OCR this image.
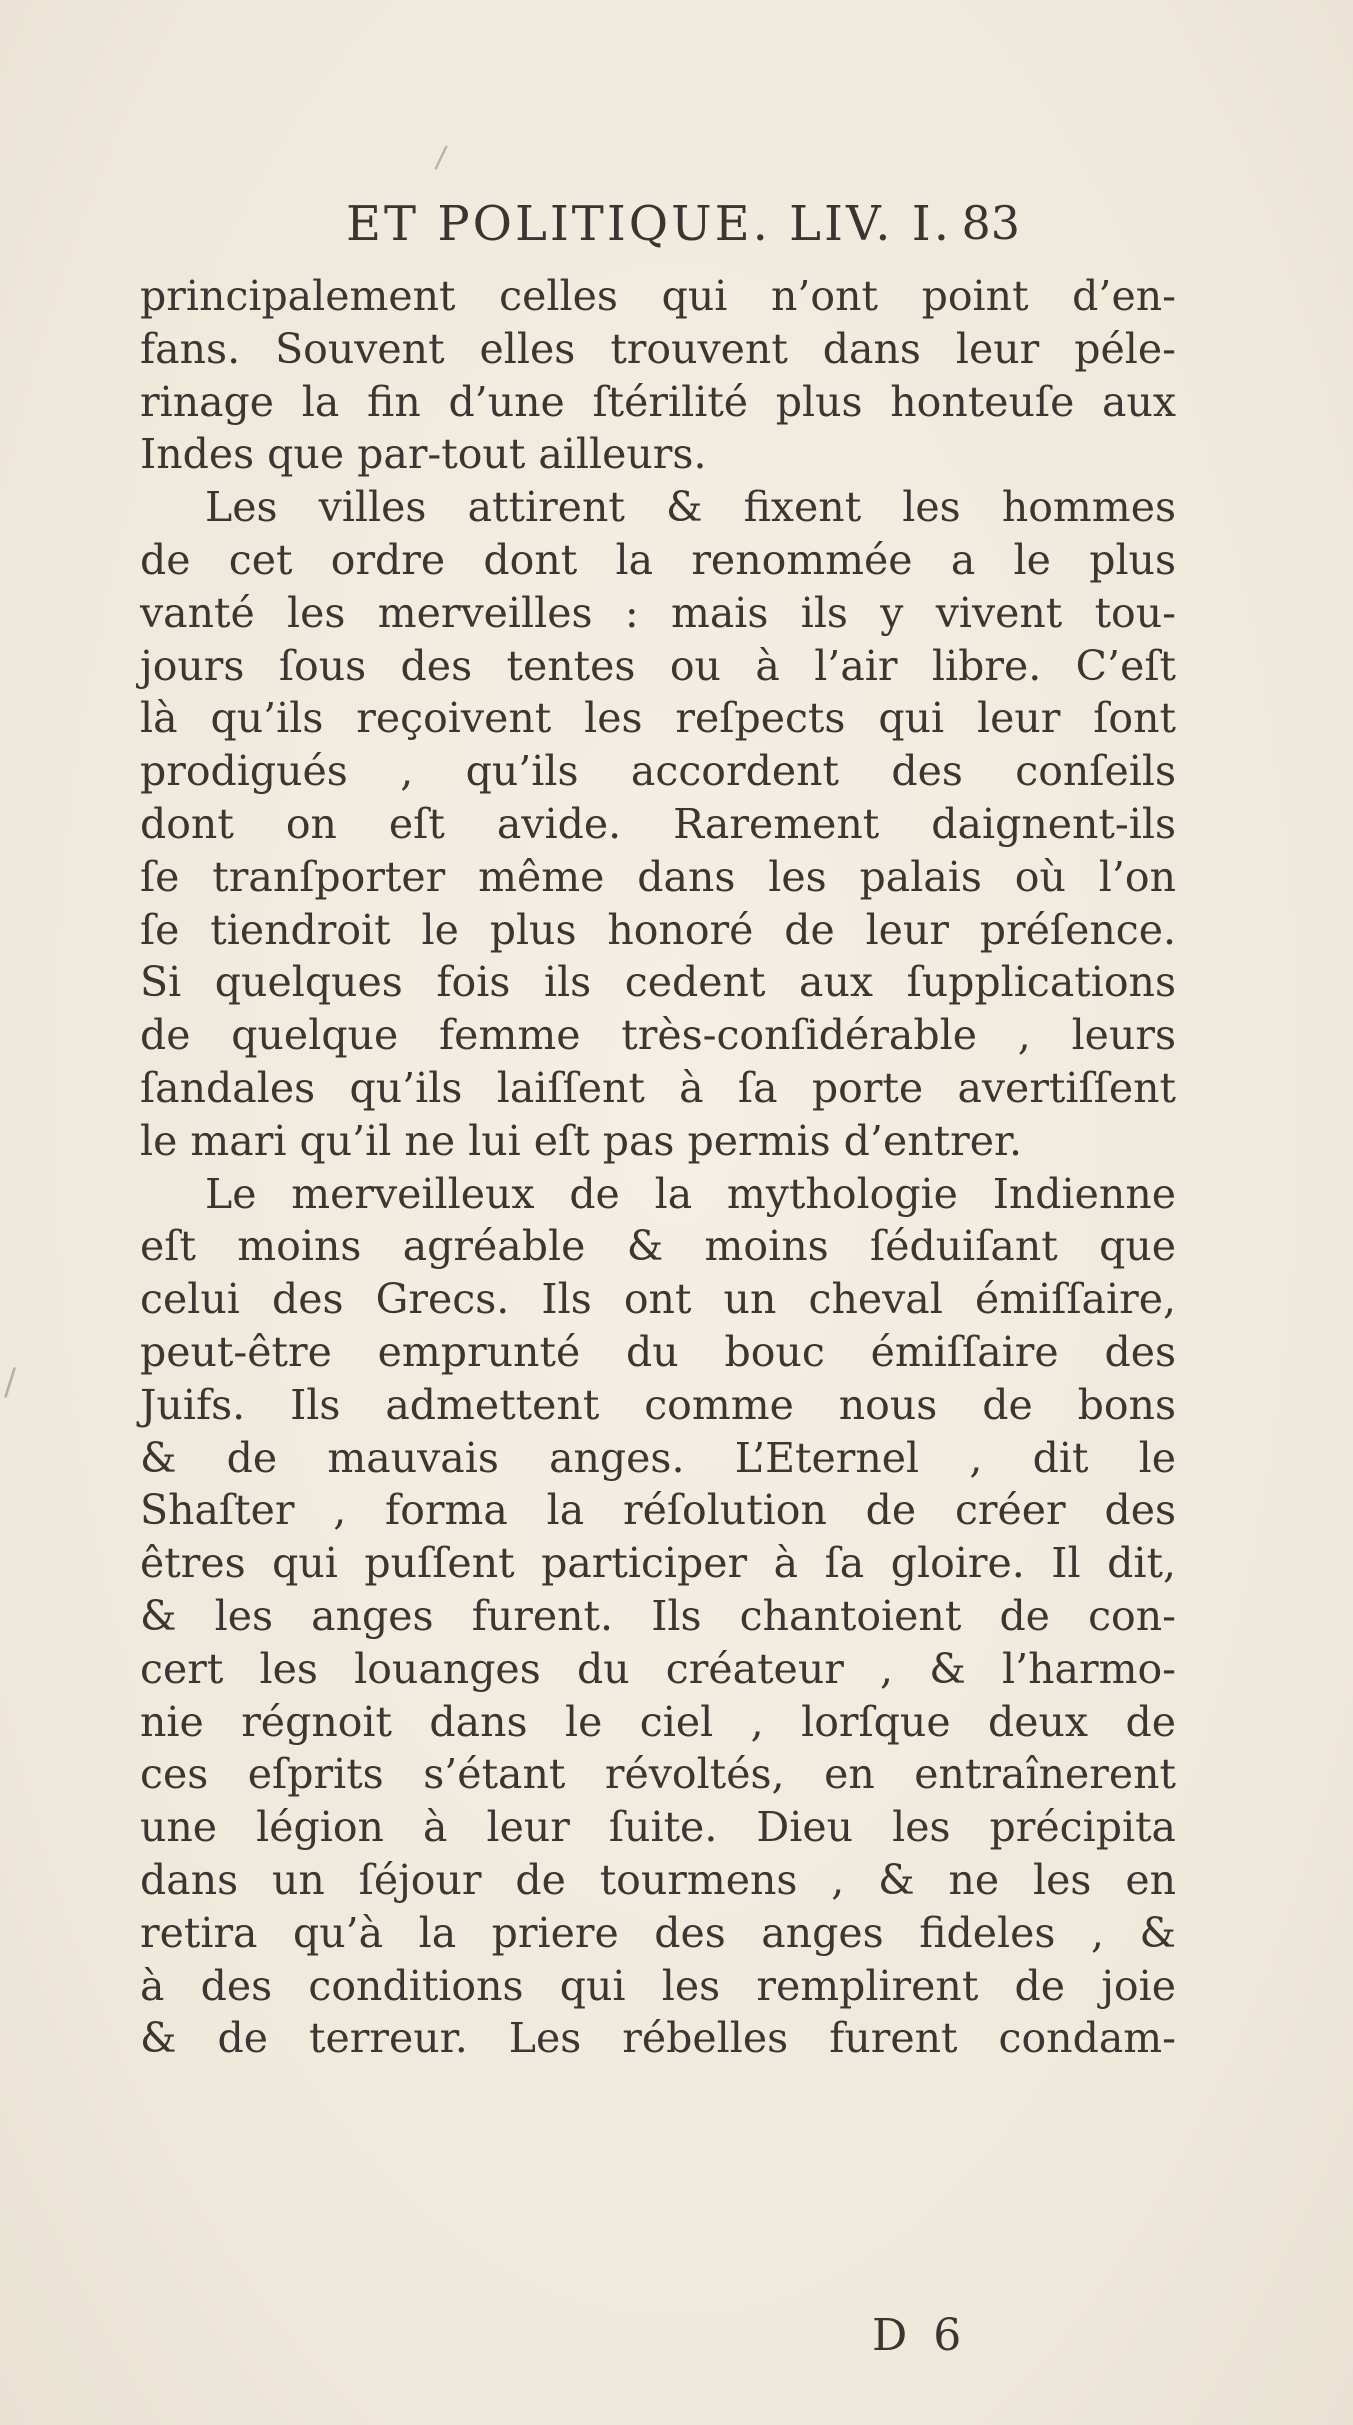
/
/
ET POLITIQUE. LIV. I. 83
principalement celles qui n’ont point d’en-
fans. Souvent elles trouvent dans leur péle-
rinage la fin d’une ſtérilité plus honteuſe aux
Indes que par-tout ailleurs.
Les villes attirent & fixent les hommes
de cet ordre dont la renommée a le plus
vanté les merveilles : mais ils y vivent tou-
jours ſous des tentes ou à l’air libre. C’eſt
là qu’ils reçoivent les reſpects qui leur ſont
prodigués , qu’ils accordent des conſeils
dont on eſt avide. Rarement daignent-ils
ſe tranſporter même dans les palais où l’on
ſe tiendroit le plus honoré de leur préſence.
Si quelques fois ils cedent aux ſupplications
de quelque femme très-conſidérable , leurs
ſandales qu’ils laiſſent à ſa porte avertiſſent
le mari qu’il ne lui eſt pas permis d’entrer.
Le merveilleux de la mythologie Indienne
eſt moins agréable & moins ſéduiſant que
celui des Grecs. Ils ont un cheval émiſſaire,
peut-être emprunté du bouc émiſſaire des
Juifs. Ils admettent comme nous de bons
& de mauvais anges. L’Eternel , dit le
Shaſter , forma la réſolution de créer des
êtres qui puſſent participer à ſa gloire. Il dit,
& les anges furent. Ils chantoient de con-
cert les louanges du créateur , & l’harmo-
nie régnoit dans le ciel , lorſque deux de
ces eſprits s’étant révoltés, en entraînerent
une légion à leur ſuite. Dieu les précipita
dans un ſéjour de tourmens , & ne les en
retira qu’à la priere des anges fideles , &
à des conditions qui les remplirent de joie
& de terreur. Les rébelles furent condam-
D 6
